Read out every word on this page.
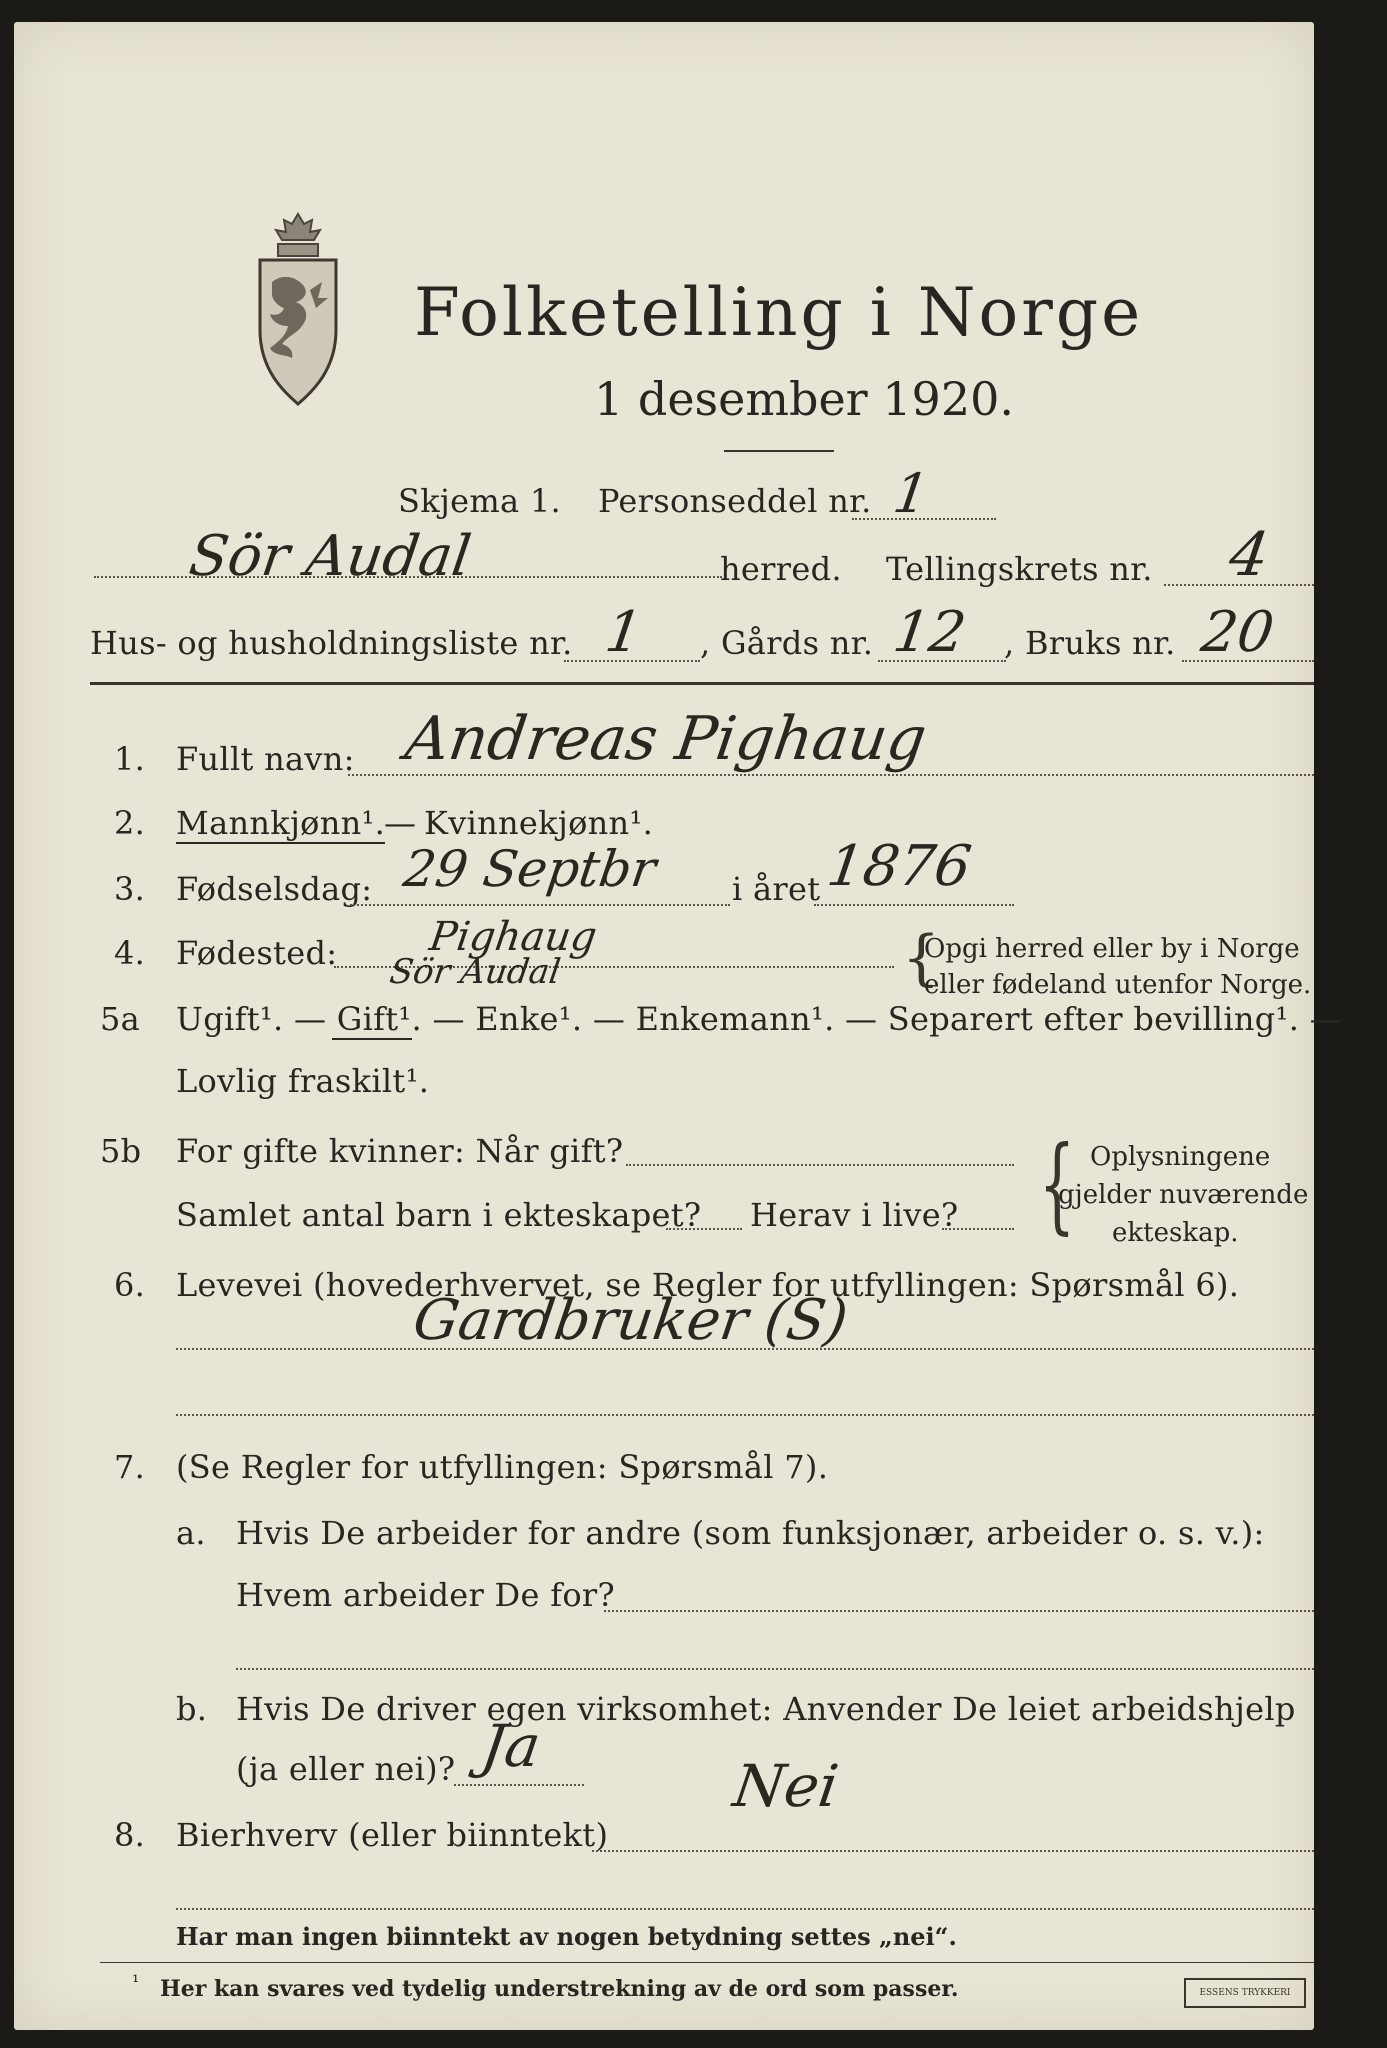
Folketelling i Norge
1 desember 1920.
Skjema 1. Personseddel nr. 1
Sör Audal	herred. Tellingskrets nr. 4
Hus- og husholdningsliste nr. 1 , Gårds nr. 12 , Bruks nr. 20
1. Fullt navn: Andreas Pighaug
2. Mannkjønn¹.
— Kvinnekjønn¹.
3. Fødselsdag: 29 Septbr i året 1876
4. Fødested: Pighaug
Sör Audal	{
Opgi herred eller by i Norge
eller fødeland utenfor Norge.
5a Ugift¹. — Gift¹. — Enke¹. — Enkemann¹. — Separert efter bevilling¹. —
Lovlig fraskilt¹.
5b For gifte kvinner: Når gift?
Samlet antal barn i ekteskapet? Herav i live? { Oplysningene
gjelder nuværende
ekteskap.
6. Levevei (hovederhvervet, se Regler for utfyllingen: Spørsmål 6).
Gardbruker (S)
7. (Se Regler for utfyllingen: Spørsmål 7).
a. Hvis De arbeider for andre (som funksjonær, arbeider o. s. v.):
Hvem arbeider De for?
b. Hvis De driver egen virksomhet: Anvender De leiet arbeidshjelp
(ja eller nei)? Ja
8. Bierhverv (eller biinntekt)
Nei
Har man ingen biinntekt av nogen betydning settes „nei“.
¹ Her kan svares ved tydelig understrekning av de ord som passer.	ESSENS TRYKKERI
